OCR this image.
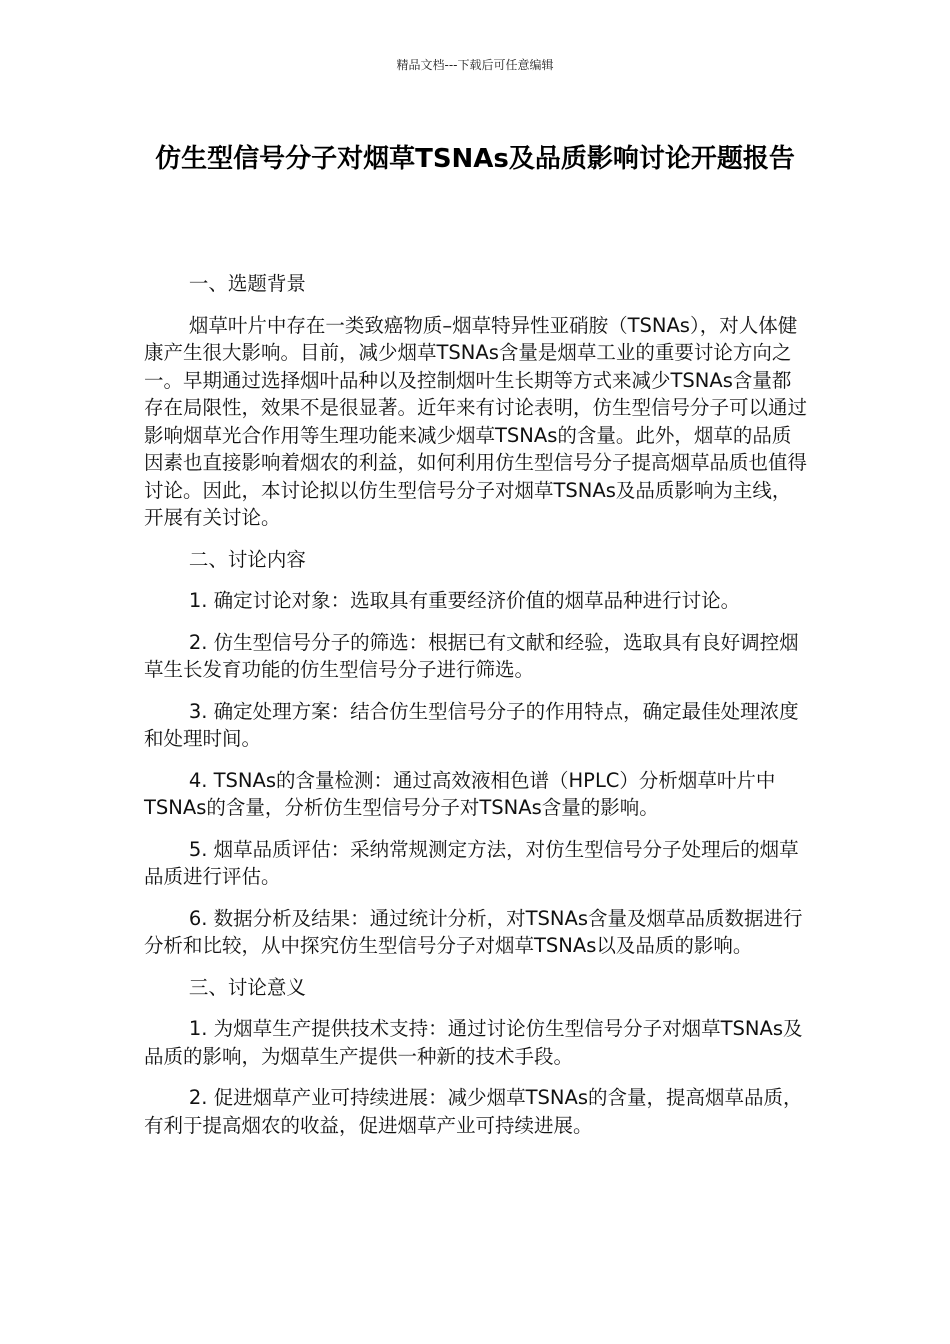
精品文档---下载后可任意编辑
仿生型信号分子对烟草TSNAs及品质影响讨论开题报告

一、选题背景

烟草叶片中存在一类致癌物质–烟草特异性亚硝胺（TSNAs），对人体健康产生很大影响。目前，减少烟草TSNAs含量是烟草工业的重要讨论方向之一。早期通过选择烟叶品种以及控制烟叶生长期等方式来减少TSNAs含量都存在局限性，效果不是很显著。近年来有讨论表明，仿生型信号分子可以通过影响烟草光合作用等生理功能来减少烟草TSNAs的含量。此外，烟草的品质因素也直接影响着烟农的利益，如何利用仿生型信号分子提高烟草品质也值得讨论。因此，本讨论拟以仿生型信号分子对烟草TSNAs及品质影响为主线，开展有关讨论。

二、讨论内容

1. 确定讨论对象：选取具有重要经济价值的烟草品种进行讨论。

2. 仿生型信号分子的筛选：根据已有文献和经验，选取具有良好调控烟草生长发育功能的仿生型信号分子进行筛选。

3. 确定处理方案：结合仿生型信号分子的作用特点，确定最佳处理浓度和处理时间。

4. TSNAs的含量检测：通过高效液相色谱（HPLC）分析烟草叶片中TSNAs的含量，分析仿生型信号分子对TSNAs含量的影响。

5. 烟草品质评估：采纳常规测定方法，对仿生型信号分子处理后的烟草品质进行评估。

6. 数据分析及结果：通过统计分析，对TSNAs含量及烟草品质数据进行分析和比较，从中探究仿生型信号分子对烟草TSNAs以及品质的影响。

三、讨论意义

1. 为烟草生产提供技术支持：通过讨论仿生型信号分子对烟草TSNAs及品质的影响，为烟草生产提供一种新的技术手段。

2. 促进烟草产业可持续进展：减少烟草TSNAs的含量，提高烟草品质，有利于提高烟农的收益，促进烟草产业可持续进展。
